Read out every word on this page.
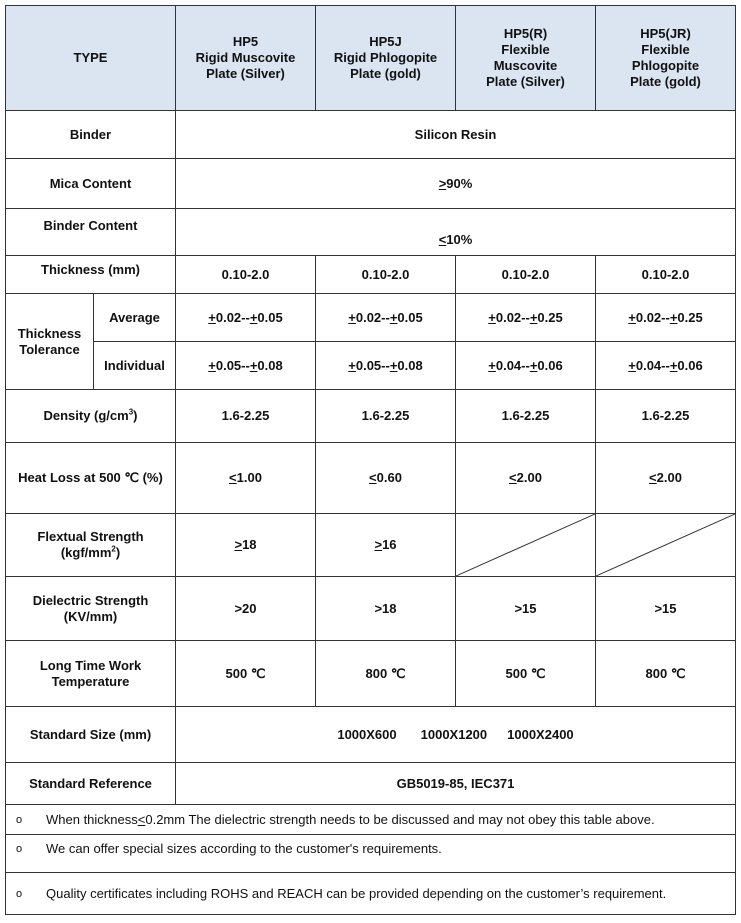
TYPE		HP5
Rigid Muscovite
Plate (Silver)	HP5J
Rigid Phlogopite
Plate (gold)	HP5(R)
Flexible
Muscovite
Plate (Silver)	HP5(JR)
Flexible
Phlogopite
Plate (gold)
Binder		Silicon Resin			
Mica Content		≥90%			
Binder Content		≤10%			
Thickness (mm)		0.10-2.0	0.10-2.0	0.10-2.0	0.10-2.0
Thickness
Tolerance	Average	+0.02--+0.05	+0.02--+0.05	+0.02--+0.25	+0.02--+0.25
	Individual	+0.05--+0.08	+0.05--+0.08	+0.04--+0.06	+0.04--+0.06
Density $(g/cm^3)$		1.6-2.25	1.6-2.25	1.6-2.25	1.6-2.25
Heat Loss at 500 ℃ (%)		≤1.00	≤0.60	≤2.00	≤2.00
Flextual Strength
$(kgf/mm^2)$		≥18	≥16	

Dielectric Strength
(KV/mm)		>20	>18	>15	>15
Long Time Work
Temperature		500 ℃	800 ℃	500 ℃	800 ℃
Standard Size (mm)		1000X600 1000X1200 1000X2400			
Standard Reference		GB5019-85, IEC371			

o When thickness≤0.2mm The dielectric strength needs to be discussed and may not obey this table above.					

o We can offer special sizes according to the customer's requirements.					

o Quality certificates including ROHS and REACH can be provided depending on the customer’s requirement.					
